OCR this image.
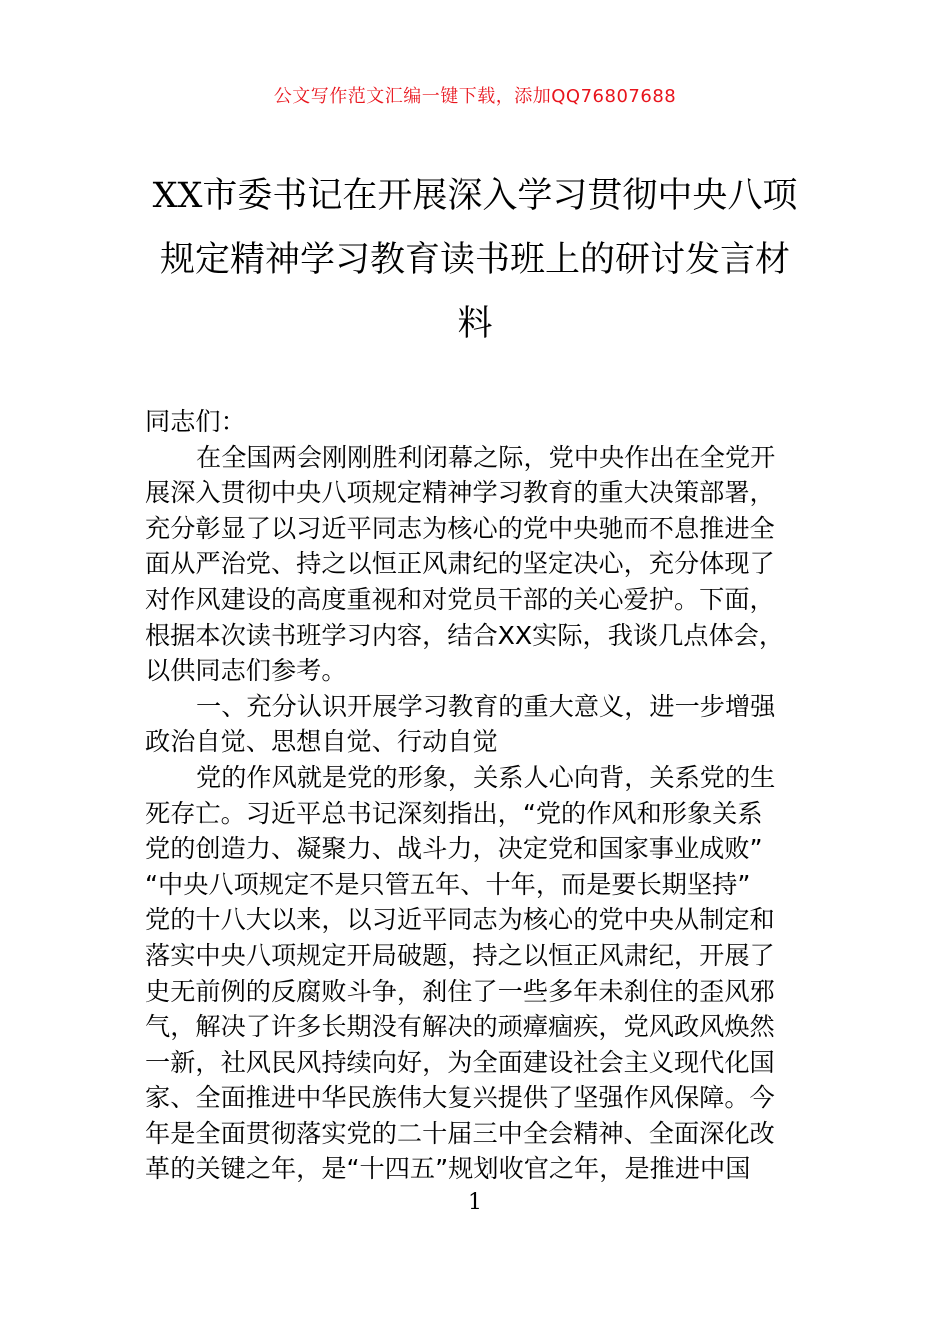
公文写作范文汇编一键下载，添加QQ76807688
XX市委书记在开展深入学习贯彻中央八项
规定精神学习教育读书班上的研讨发言材
料

同志们：

在全国两会刚刚胜利闭幕之际，党中央作出在全党开
展深入贯彻中央八项规定精神学习教育的重大决策部署，
充分彰显了以习近平同志为核心的党中央驰而不息推进全
面从严治党、持之以恒正风肃纪的坚定决心，充分体现了
对作风建设的高度重视和对党员干部的关心爱护。下面，
根据本次读书班学习内容，结合XX实际，我谈几点体会，
以供同志们参考。

一、充分认识开展学习教育的重大意义，进一步增强
政治自觉、思想自觉、行动自觉

党的作风就是党的形象，关系人心向背，关系党的生
死存亡。习近平总书记深刻指出，“党的作风和形象关系
党的创造力、凝聚力、战斗力，决定党和国家事业成败”
“中央八项规定不是只管五年、十年，而是要长期坚持”
党的十八大以来，以习近平同志为核心的党中央从制定和
落实中央八项规定开局破题，持之以恒正风肃纪，开展了
史无前例的反腐败斗争，刹住了一些多年未刹住的歪风邪
气，解决了许多长期没有解决的顽瘴痼疾，党风政风焕然
一新，社风民风持续向好，为全面建设社会主义现代化国
家、全面推进中华民族伟大复兴提供了坚强作风保障。今
年是全面贯彻落实党的二十届三中全会精神、全面深化改
革的关键之年，是“十四五”规划收官之年，是推进中国

1
